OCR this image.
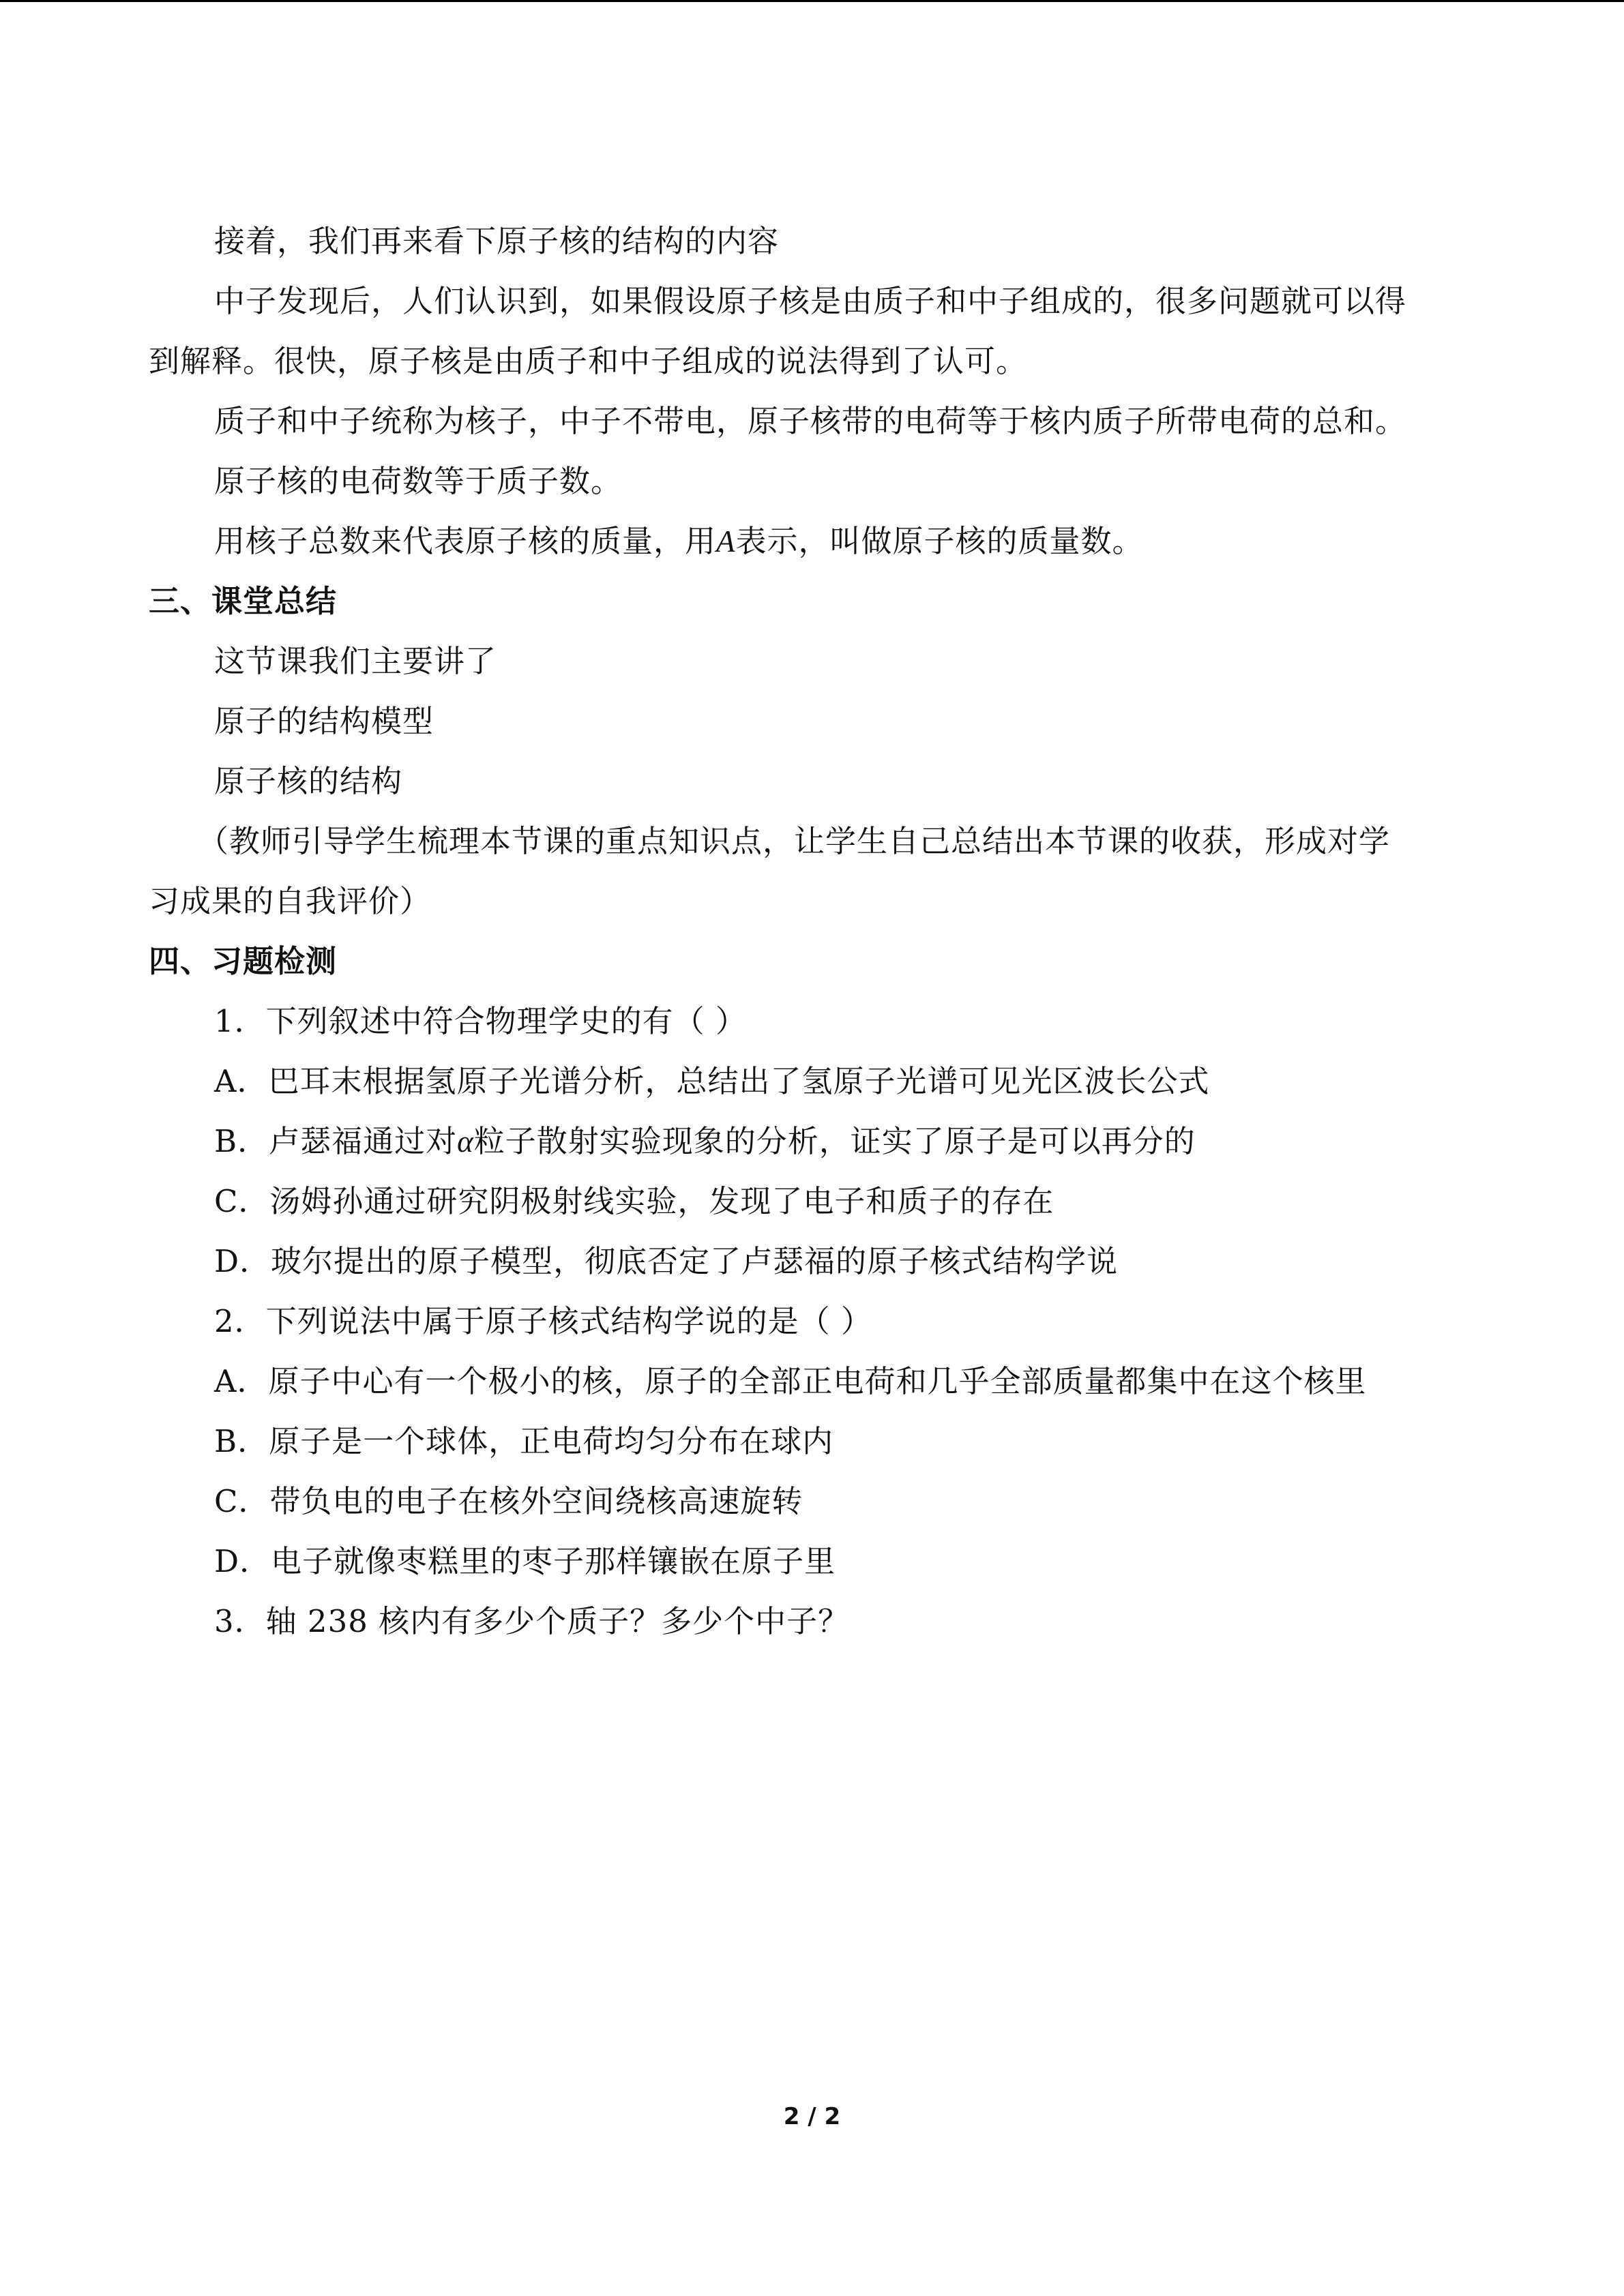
接着，我们再来看下原子核的结构的内容
中子发现后，人们认识到，如果假设原子核是由质子和中子组成的，很多问题就可以得
到解释。很快，原子核是由质子和中子组成的说法得到了认可。
质子和中子统称为核子，中子不带电，原子核带的电荷等于核内质子所带电荷的总和。
原子核的电荷数等于质子数。
用核子总数来代表原子核的质量，用A表示，叫做原子核的质量数。
三、课堂总结
这节课我们主要讲了
原子的结构模型
原子核的结构
（教师引导学生梳理本节课的重点知识点，让学生自己总结出本节课的收获，形成对学
习成果的自我评价）
四、习题检测
1．下列叙述中符合物理学史的有（ ）
A．巴耳末根据氢原子光谱分析，总结出了氢原子光谱可见光区波长公式
B．卢瑟福通过对α粒子散射实验现象的分析，证实了原子是可以再分的
C．汤姆孙通过研究阴极射线实验，发现了电子和质子的存在
D．玻尔提出的原子模型，彻底否定了卢瑟福的原子核式结构学说
2．下列说法中属于原子核式结构学说的是（ ）
A．原子中心有一个极小的核，原子的全部正电荷和几乎全部质量都集中在这个核里
B．原子是一个球体，正电荷均匀分布在球内
C．带负电的电子在核外空间绕核高速旋转
D．电子就像枣糕里的枣子那样镶嵌在原子里
3．轴 238 核内有多少个质子？多少个中子？
2 / 2
